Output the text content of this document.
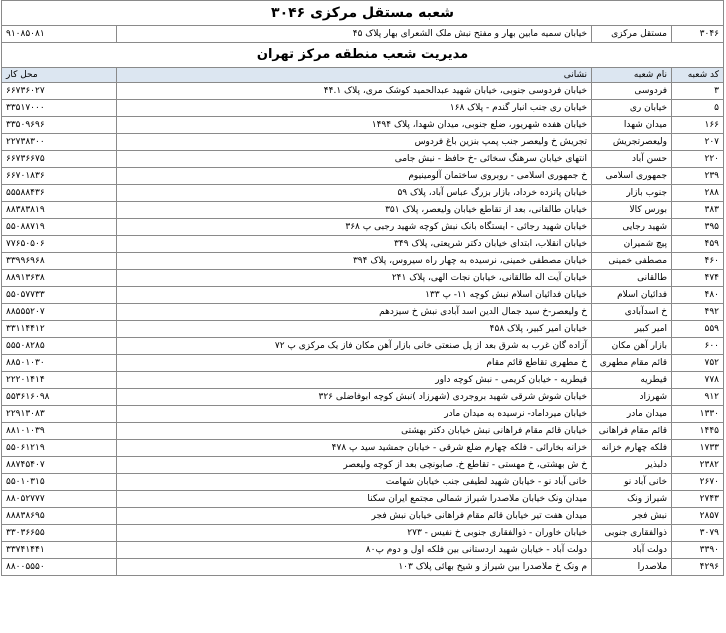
شعبه مستقل مرکزی ۳۰۴۶			
۳۰۴۶	مستقل مرکزی	خیابان سمیه مابین بهار و مفتح نبش ملک الشعرای بهار پلاک ۴۵	۹۱۰۸۵۰۸۱
مدیریت شعب منطقه مرکز تهران			
کد شعبه	نام شعبه	نشانی	محل کار
۳	فردوسی	خیابان فردوسی جنوبی، خیابان شهید عبدالحمید کوشک مری، پلاک ۴۴.۱	۶۶۷۳۶۰۲۷
۵	خیابان ری	خیابان ری جنب انبار گندم - پلاک ۱۶۸	۳۳۵۱۷۰۰۰
۱۶۶	میدان شهدا	خیابان هفده شهریور، ضلع جنوبی، میدان شهدا، پلاک ۱۴۹۴	۳۳۵۰۹۶۹۶
۲۰۷	ولیعصرتجریش	تجریش خ ولیعصر جنب پمپ بنزین باغ فردوس	۲۲۷۳۸۳۰۰
۲۲۰	حسن آباد	انتهای خیابان سرهنگ سخائی -خ حافظ - نبش جامی	۶۶۷۳۶۶۷۵
۲۳۹	جمهوری اسلامی	خ جمهوری اسلامی - روبروی ساختمان آلومینیوم	۶۶۷۰۱۸۳۶
۲۸۸	جنوب بازار	خیابان پانزده خرداد، بازار بزرگ عباس آباد، پلاک ۵۹	۵۵۵۸۸۴۳۶
۳۸۳	بورس کالا	خیابان طالقانی، بعد از تقاطع خیابان ولیعصر، پلاک ۳۵۱	۸۸۳۸۳۸۱۹
۳۹۵	شهید رجایی	خیابان شهید رجائی - ایستگاه بانک نبش کوچه شهید رجبی پ ۳۶۸	۵۵۰۸۸۷۱۹
۴۵۹	پیچ شمیران	خیابان انقلاب، ابتدای خیابان دکتر شریعتی، پلاک ۳۴۹	۷۷۶۵۰۵۰۶
۴۶۰	مصطفی خمینی	خیابان مصطفی خمینی، نرسیده به چهار راه سیروس، پلاک ۳۹۴	۳۳۹۹۶۹۶۸
۴۷۴	طالقانی	خیابان آیت اله طالقانی، خیابان نجات الهی، پلاک ۲۴۱	۸۸۹۱۳۶۳۸
۴۸۰	فدائیان اسلام	خیابان فدائیان اسلام نبش کوچه ۱۱- پ ۱۳۳	۵۵۰۵۷۷۳۳
۴۹۲	خ اسدآبادی	خ ولیعصر-خ سید جمال الدین اسد آبادی نبش خ سیزدهم	۸۸۵۵۵۲۰۷
۵۵۹	امیر کبیر	خیابان امیر کبیر، پلاک ۴۵۸	۳۳۱۱۴۴۱۲
۶۰۰	بازار آهن مکان	آزاده گان غرب به شرق بعد از پل صنعتی خانی بازار آهن مکان فاز یک مرکزی پ ۷۲	۵۵۵۰۸۲۸۵
۷۵۲	قائم مقام مطهری	خ مطهری تقاطع قائم مقام	۸۸۵۰۱۰۳۰
۷۷۸	قیطریه	قیطریه - خیابان کریمی - نبش کوچه داور	۲۲۲۰۱۴۱۴
۹۱۲	شهرزاد	خیابان شوش شرقی شهید بروجردی (شهرزاد )نبش کوچه ابوفاضلی ۳۲۶	۵۵۳۶۱۶۰۹۸
۱۳۳۰	میدان مادر	خیابان میرداماد- نرسیده به میدان مادر	۲۲۹۱۳۰۸۳
۱۴۴۵	قائم مقام فراهانی	خیابان قائم مقام فراهانی نبش خیابان دکتر بهشتی	۸۸۱۰۱۰۳۹
۱۷۳۳	فلکه چهارم خزانه	خزانه بخارائی - فلکه چهارم ضلع شرقی - خیابان جمشید سید پ ۴۷۸	۵۵۰۶۱۲۱۹
۲۳۸۲	دلبذیر	خ ش بهشتی، خ مهستی - تقاطع خ. صابونچی بعد از کوچه ولیعصر	۸۸۷۴۵۴۰۷
۲۶۷۰	خانی آباد نو	خانی آباد نو - خیابان شهید لطیفی جنب خیابان شهامت	۵۵۰۱۰۳۱۵
۲۷۴۳	شیراز ونک	میدان ونک خیابان ملاصدرا شیراز شمالی مجتمع ایران سکنا	۸۸۰۵۲۷۷۷
۲۸۵۷	نبش فجر	میدان هفت تیر خیابان قائم مقام فراهانی خیابان نبش فجر	۸۸۸۳۸۶۹۵
۳۰۷۹	ذوالفقاری جنوبی	خیابان خاوران - ذوالفقاری جنوبی خ نفیس - ۲۷۳	۳۳۰۳۶۶۵۵
۳۳۹۰	دولت آباد	دولت آباد - خیابان شهید اردستانی بین فلکه اول و دوم پ۸۰	۳۳۷۴۱۴۴۱
۴۲۹۶	ملاصدرا	م ونک خ ملاصدرا بین شیراز و شیخ بهائی پلاک ۱۰۳	۸۸۰۰۵۵۵۰
